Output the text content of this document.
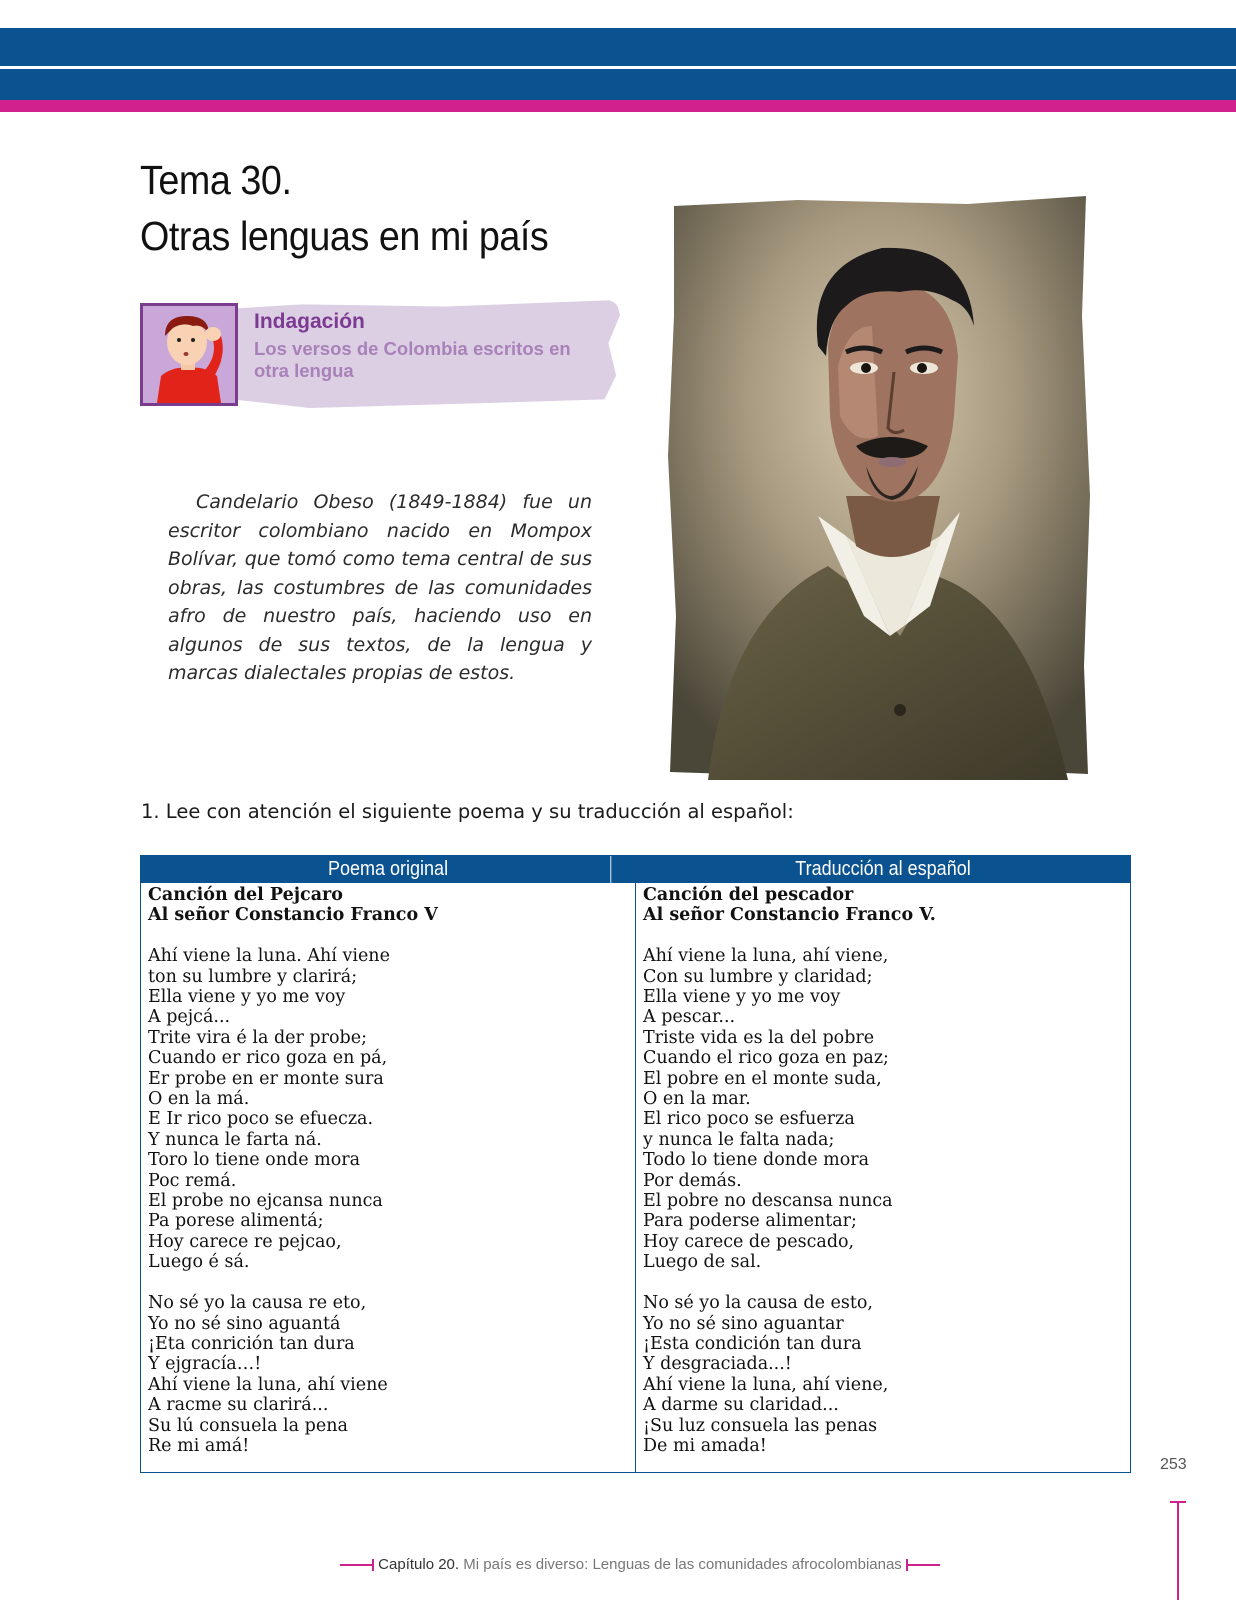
Tema 30.
Otras lenguas en mi país
Indagación
Los versos de Colombia escritos en otra lengua
Candelario Obeso (1849-1884) fue un escritor colombiano nacido en Mompox Bolívar, que tomó como tema central de sus obras, las costumbres de las comunidades afro de nuestro país, haciendo uso en algunos de sus textos, de la lengua y marcas dialectales propias de estos.
1. Lee con atención el siguiente poema y su traducción al español:
Poema original	Traducción al español
Canción del Pejcaro
Al señor Constancio Franco V
Ahí viene la luna. Ahí viene
ton su lumbre y clarirá;
Ella viene y yo me voy
A pejcá...
Trite vira é la der probe;
Cuando er rico goza en pá,
Er probe en er monte sura
O en la má.
E Ir rico poco se efuecza.
Y nunca le farta ná.
Toro lo tiene onde mora
Poc remá.
El probe no ejcansa nunca
Pa porese alimentá;
Hoy carece re pejcao,
Luego é sá.
No sé yo la causa re eto,
Yo no sé sino aguantá
¡Eta conrición tan dura
Y ejgracía…!
Ahí viene la luna, ahí viene
A racme su clarirá...
Su lú consuela la pena
Re mi amá!
Canción del pescador
Al señor Constancio Franco V.
Ahí viene la luna, ahí viene,
Con su lumbre y claridad;
Ella viene y yo me voy
A pescar...
Triste vida es la del pobre
Cuando el rico goza en paz;
El pobre en el monte suda,
O en la mar.
El rico poco se esfuerza
y nunca le falta nada;
Todo lo tiene donde mora
Por demás.
El pobre no descansa nunca
Para poderse alimentar;
Hoy carece de pescado,
Luego de sal.
No sé yo la causa de esto,
Yo no sé sino aguantar
¡Esta condición tan dura
Y desgraciada...!
Ahí viene la luna, ahí viene,
A darme su claridad...
¡Su luz consuela las penas
De mi amada!
253
Capítulo 20. Mi país es diverso: Lenguas de las comunidades afrocolombianas
